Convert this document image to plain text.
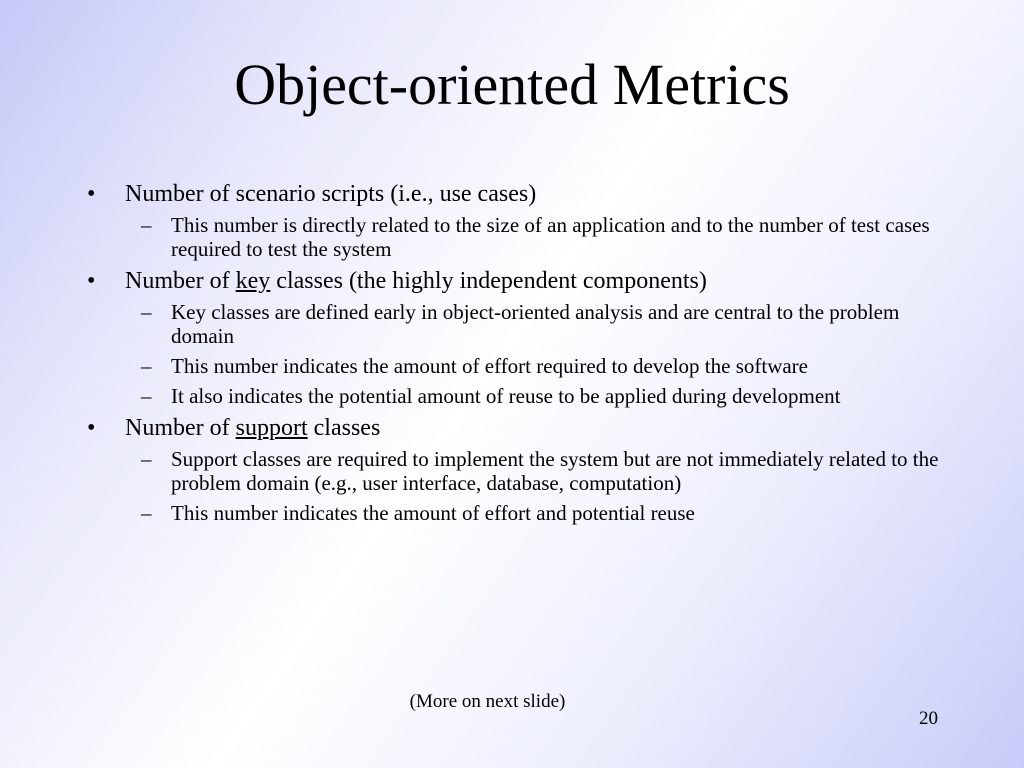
Object-oriented Metrics
• Number of scenario scripts (i.e., use cases)
– This number is directly related to the size of an application and to the number of test cases required to test the system
• Number of key classes (the highly independent components)
– Key classes are defined early in object-oriented analysis and are central to the problem domain
– This number indicates the amount of effort required to develop the software
– It also indicates the potential amount of reuse to be applied during development
• Number of support classes
– Support classes are required to implement the system but are not immediately related to the problem domain (e.g., user interface, database, computation)
– This number indicates the amount of effort and potential reuse
(More on next slide)
20
